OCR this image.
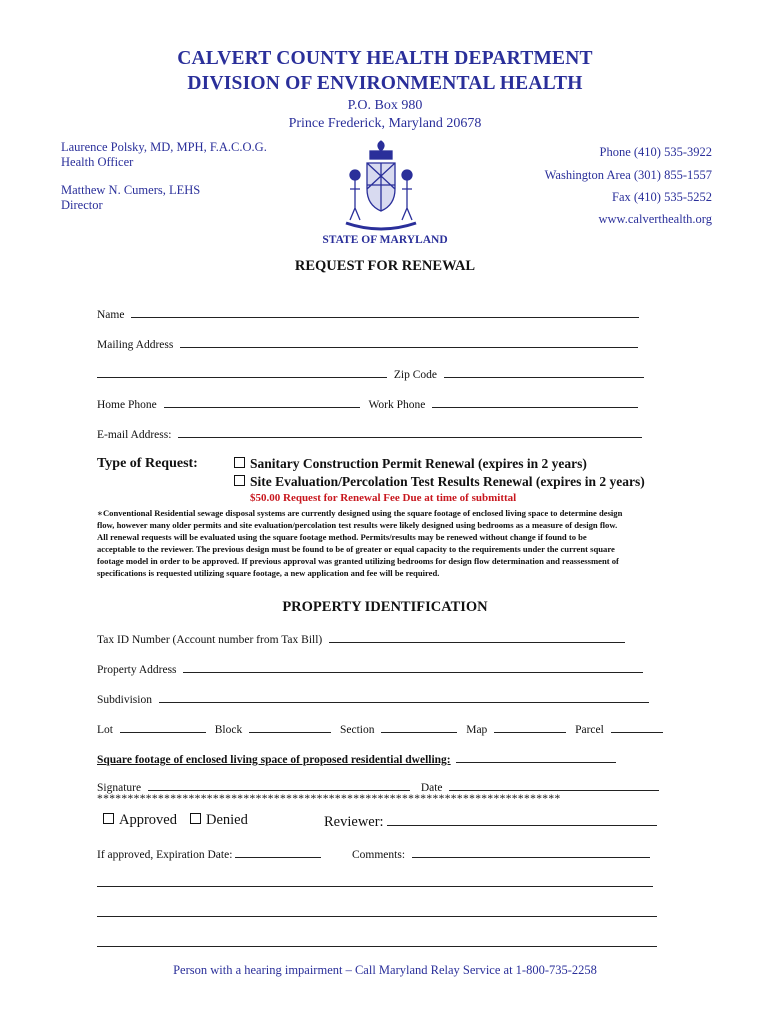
CALVERT COUNTY HEALTH DEPARTMENT
DIVISION OF ENVIRONMENTAL HEALTH
P.O. Box 980
Prince Frederick, Maryland 20678
Laurence Polsky, MD, MPH, F.A.C.O.G.
Health Officer
Matthew N. Cumers, LEHS
Director
Phone (410) 535-3922
Washington Area (301) 855-1557
Fax (410) 535-5252
www.calverthealth.org
STATE OF MARYLAND
REQUEST FOR RENEWAL
Name
Mailing Address
Zip Code
Home Phone	Work Phone
E-mail Address:
Type of Request:	Sanitary Construction Permit Renewal (expires in 2 years)
Site Evaluation/Percolation Test Results Renewal (expires in 2 years)
$50.00 Request for Renewal Fee Due at time of submittal
∗Conventional Residential sewage disposal systems are currently designed using the square footage of enclosed living space to determine design
flow, however many older permits and site evaluation/percolation test results were likely designed using bedrooms as a measure of design flow.
All renewal requests will be evaluated using the square footage method. Permits/results may be renewed without change if found to be
acceptable to the reviewer. The previous design must be found to be of greater or equal capacity to the requirements under the current square
footage model in order to be approved. If previous approval was granted utilizing bedrooms for design flow determination and reassessment of
specifications is requested utilizing square footage, a new application and fee will be required.
PROPERTY IDENTIFICATION
Tax ID Number (Account number from Tax Bill)
Property Address
Subdivision
Lot	Block	Section	Map	Parcel
Square footage of enclosed living space of proposed residential dwelling:
Signature	Date
****************************************************************************
Approved	Denied	Reviewer:
If approved, Expiration Date:	Comments:
Person with a hearing impairment – Call Maryland Relay Service at 1-800-735-2258
